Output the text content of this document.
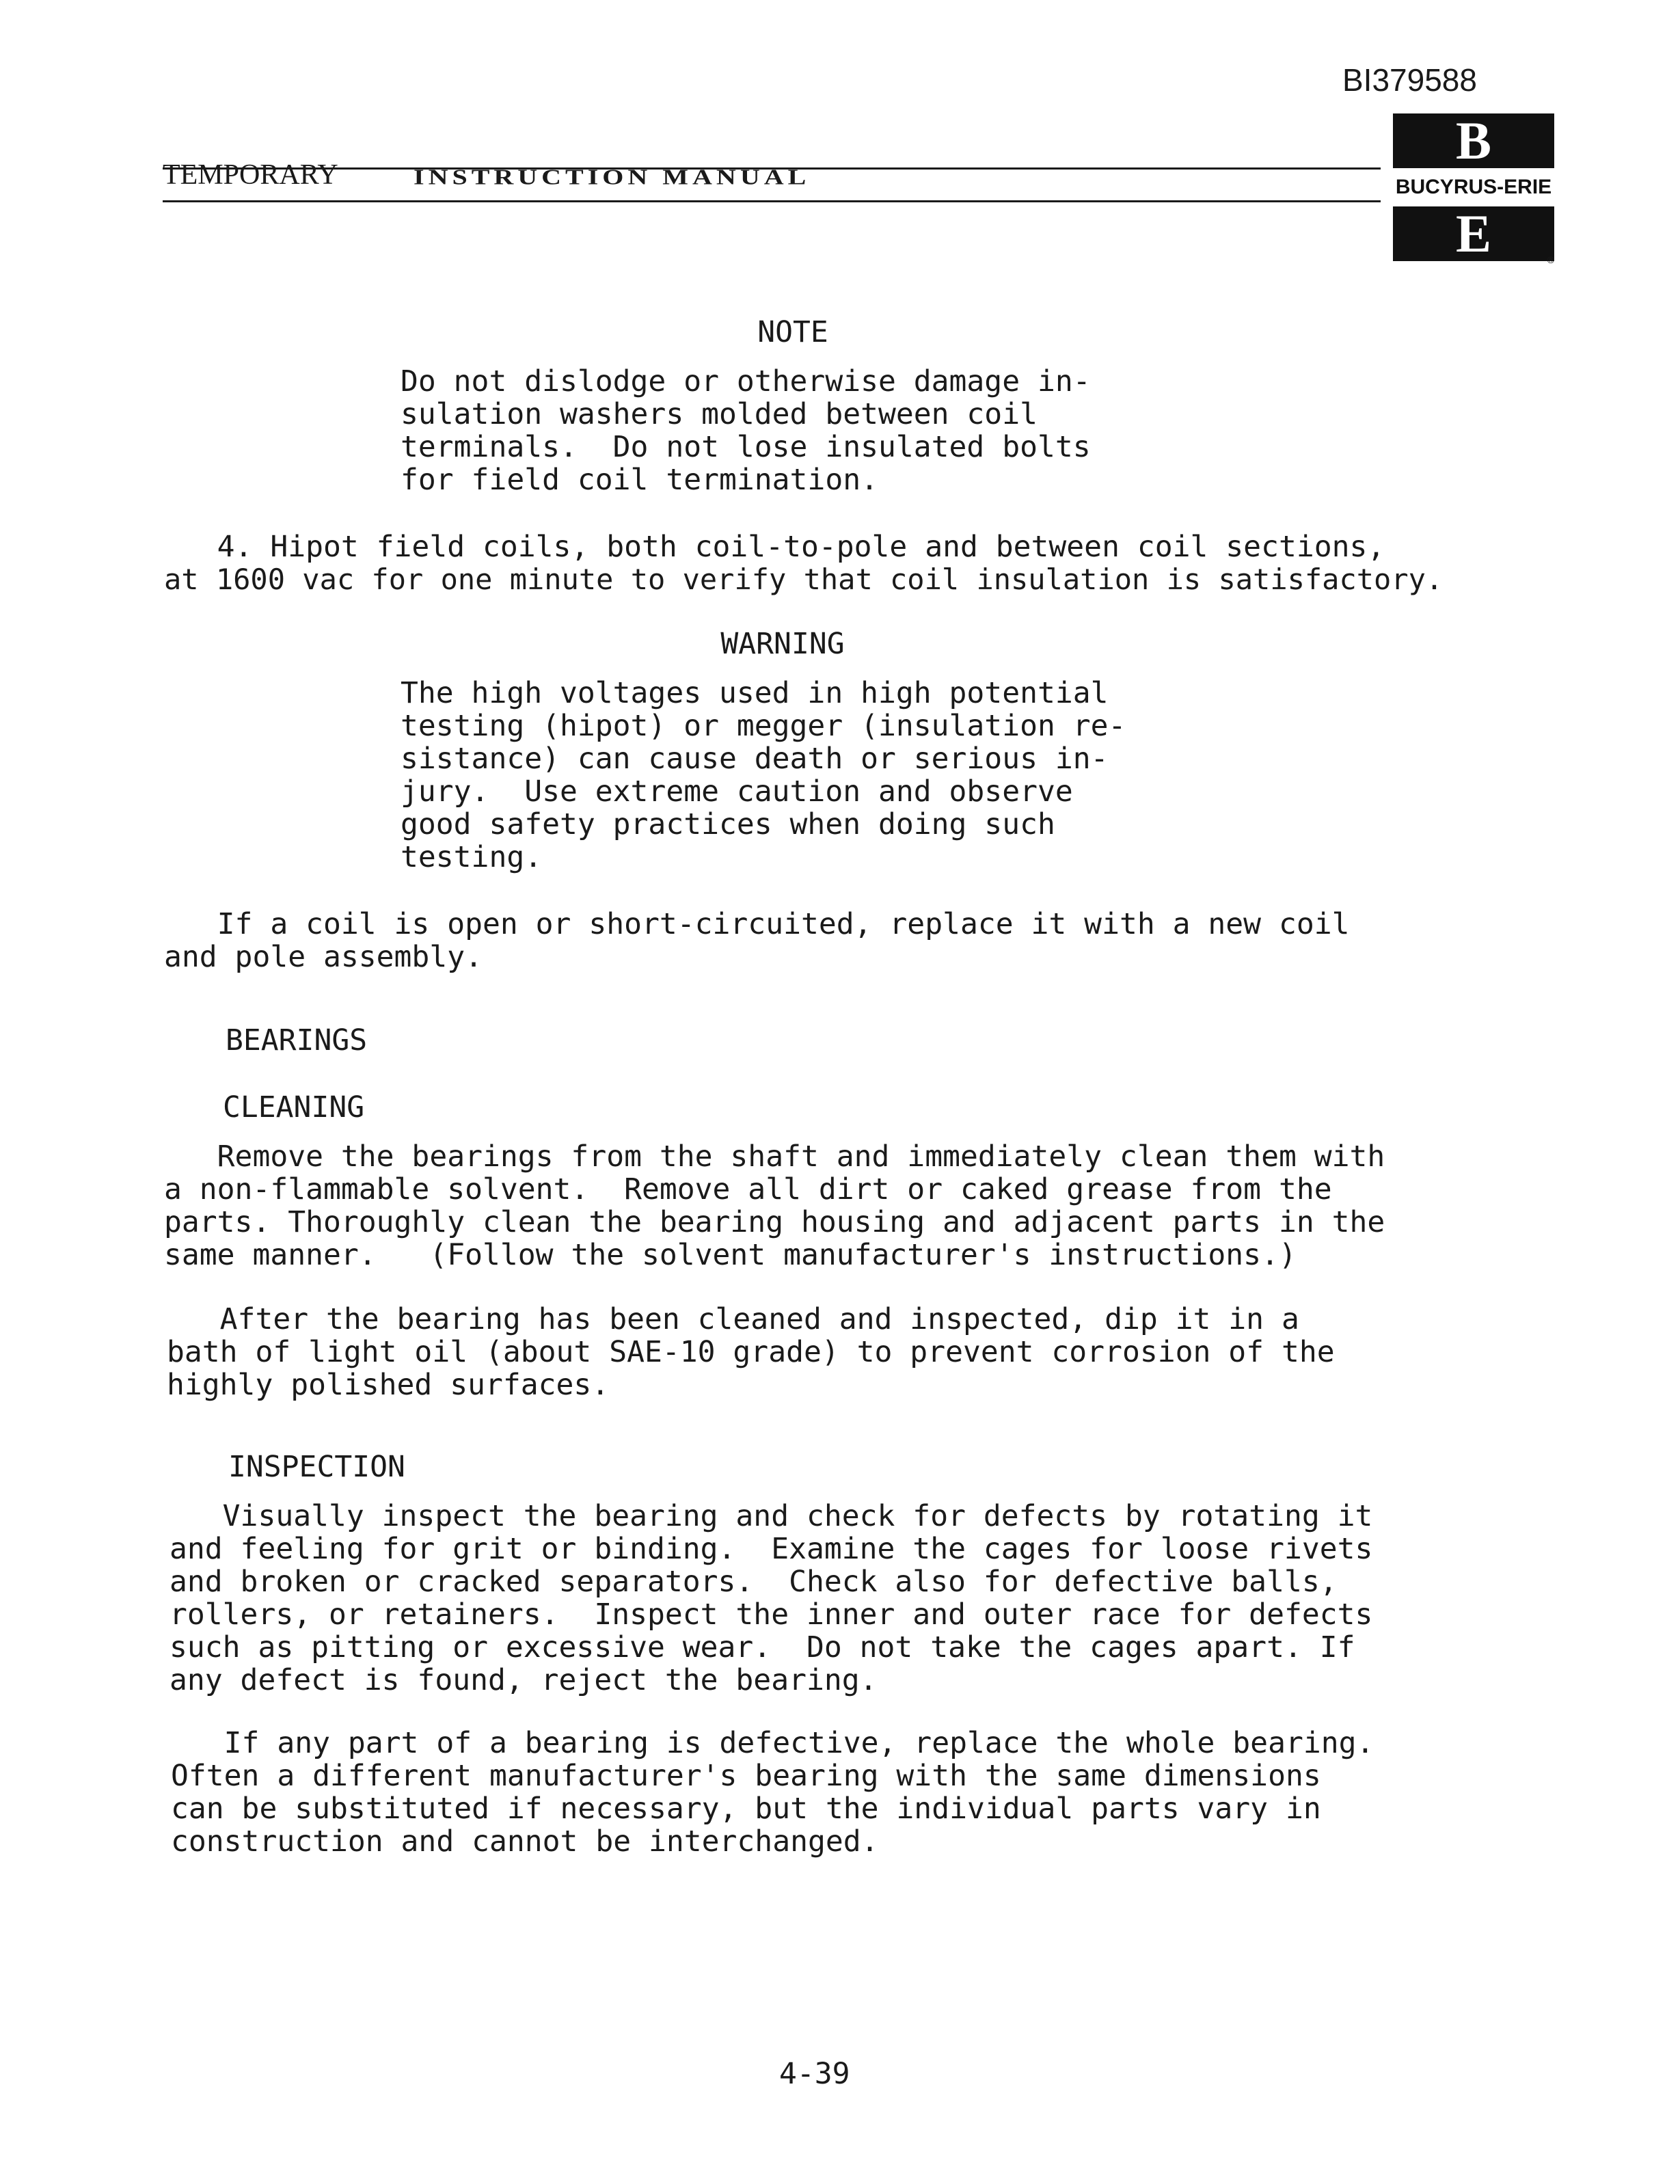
BI379588
TEMPORARY	INSTRUCTION MANUAL
B
BUCYRUS-ERIE
E	®
NOTE
Do not dislodge or otherwise damage in-
sulation washers molded between coil
terminals.  Do not lose insulated bolts
for field coil termination.
4. Hipot field coils, both coil-to-pole and between coil sections,
at 1600 vac for one minute to verify that coil insulation is satisfactory.
WARNING
The high voltages used in high potential
testing (hipot) or megger (insulation re-
sistance) can cause death or serious in-
jury.  Use extreme caution and observe
good safety practices when doing such
testing.
If a coil is open or short-circuited, replace it with a new coil
and pole assembly.
BEARINGS
CLEANING
Remove the bearings from the shaft and immediately clean them with
a non-flammable solvent.  Remove all dirt or caked grease from the
parts. Thoroughly clean the bearing housing and adjacent parts in the
same manner.   (Follow the solvent manufacturer's instructions.)
After the bearing has been cleaned and inspected, dip it in a
bath of light oil (about SAE-10 grade) to prevent corrosion of the
highly polished surfaces.
INSPECTION
Visually inspect the bearing and check for defects by rotating it
and feeling for grit or binding.  Examine the cages for loose rivets
and broken or cracked separators.  Check also for defective balls,
rollers, or retainers.  Inspect the inner and outer race for defects
such as pitting or excessive wear.  Do not take the cages apart. If
any defect is found, reject the bearing.
If any part of a bearing is defective, replace the whole bearing.
Often a different manufacturer's bearing with the same dimensions
can be substituted if necessary, but the individual parts vary in
construction and cannot be interchanged.
4-39
